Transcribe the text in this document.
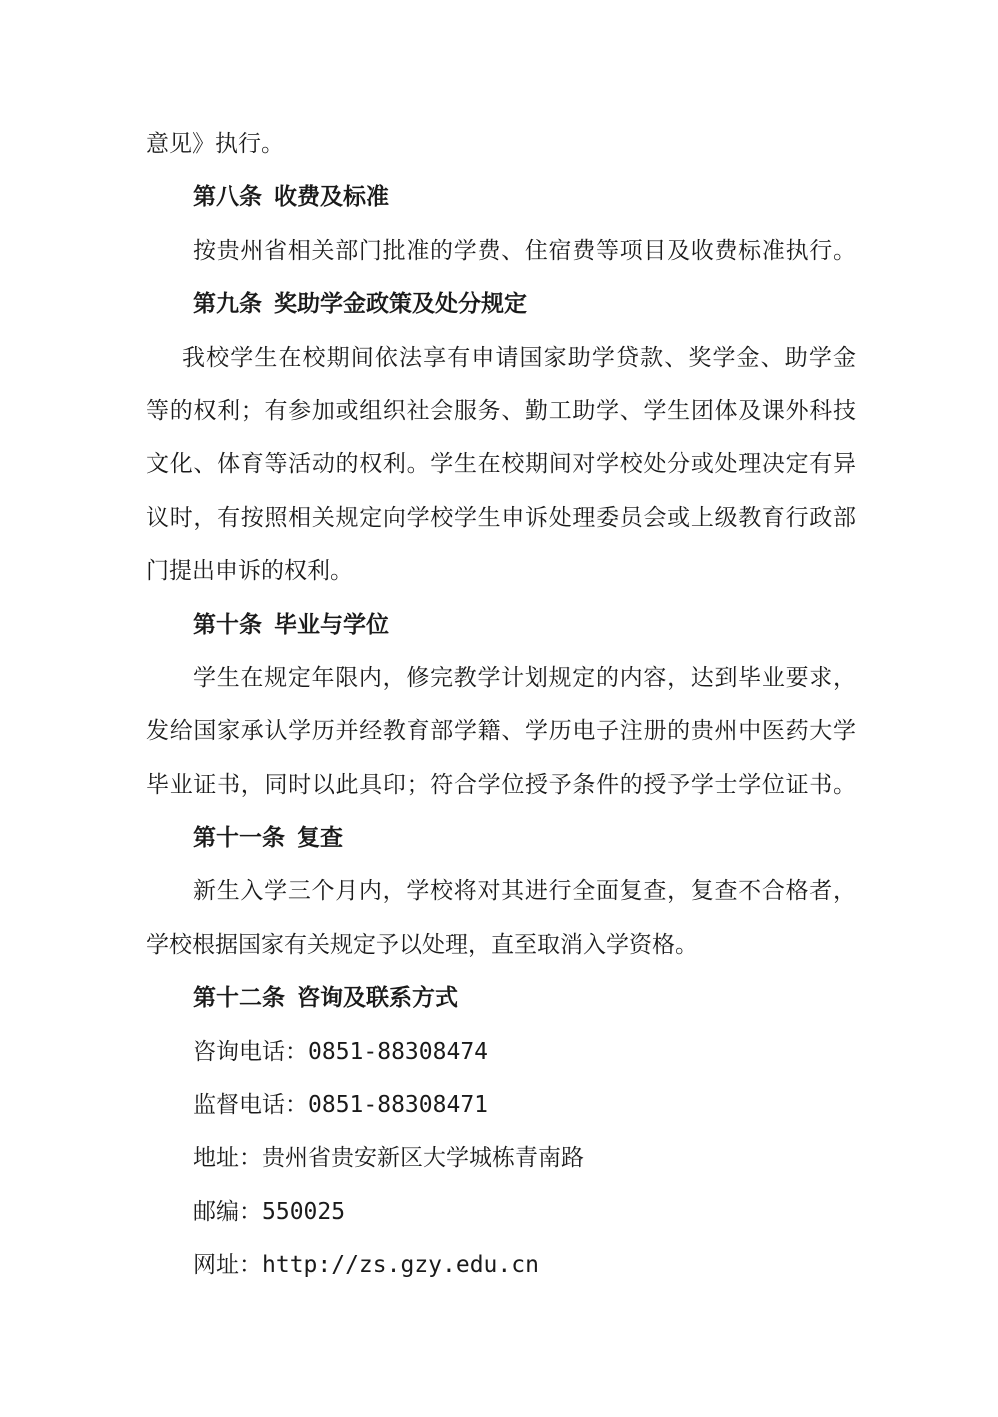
意见》执行。
第八条 收费及标准
按贵州省相关部门批准的学费、住宿费等项目及收费标准执行。
第九条 奖助学金政策及处分规定
我校学生在校期间依法享有申请国家助学贷款、奖学金、助学金
等的权利；有参加或组织社会服务、勤工助学、学生团体及课外科技
文化、体育等活动的权利。学生在校期间对学校处分或处理决定有异
议时，有按照相关规定向学校学生申诉处理委员会或上级教育行政部
门提出申诉的权利。
第十条 毕业与学位
学生在规定年限内，修完教学计划规定的内容，达到毕业要求，
发给国家承认学历并经教育部学籍、学历电子注册的贵州中医药大学
毕业证书，同时以此具印；符合学位授予条件的授予学士学位证书。
第十一条 复查
新生入学三个月内，学校将对其进行全面复查，复查不合格者，
学校根据国家有关规定予以处理，直至取消入学资格。
第十二条 咨询及联系方式
咨询电话：0851-88308474
监督电话：0851-88308471
地址：贵州省贵安新区大学城栋青南路
邮编：550025
网址：http://zs.gzy.edu.cn
